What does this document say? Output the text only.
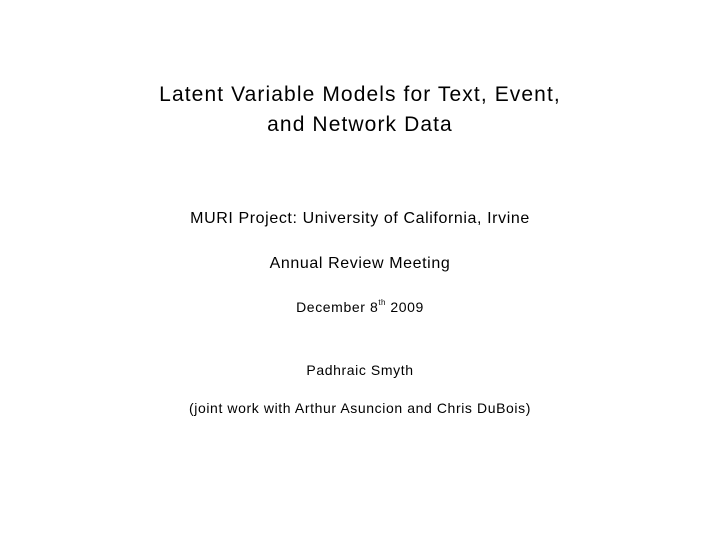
Latent Variable Models for Text, Event,
and Network Data
MURI Project: University of California, Irvine
Annual Review Meeting
December 8th 2009
Padhraic Smyth
(joint work with Arthur Asuncion and Chris DuBois)
